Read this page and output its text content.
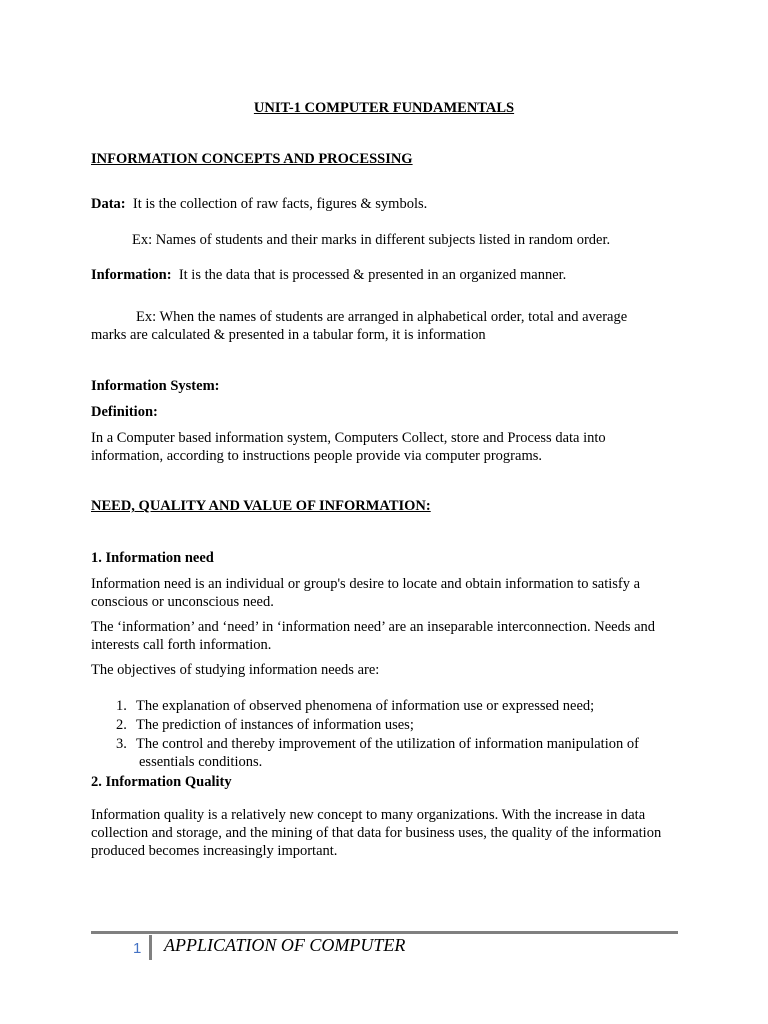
UNIT-1 COMPUTER FUNDAMENTALS
INFORMATION CONCEPTS AND PROCESSING
Data: It is the collection of raw facts, figures & symbols.
Ex: Names of students and their marks in different subjects listed in random order.
Information: It is the data that is processed & presented in an organized manner.
Ex: When the names of students are arranged in alphabetical order, total and average
marks are calculated & presented in a tabular form, it is information
Information System:
Definition:
In a Computer based information system, Computers Collect, store and Process data into information, according to instructions people provide via computer programs.
NEED, QUALITY AND VALUE OF INFORMATION:
1. Information need
Information need is an individual or group's desire to locate and obtain information to satisfy a conscious or unconscious need.
The ‘information’ and ‘need’ in ‘information need’ are an inseparable interconnection. Needs and interests call forth information.
The objectives of studying information needs are:
1. The explanation of observed phenomena of information use or expressed need;
2. The prediction of instances of information uses;
3. The control and thereby improvement of the utilization of information manipulation of
essentials conditions.
2. Information Quality
Information quality is a relatively new concept to many organizations. With the increase in data collection and storage, and the mining of that data for business uses, the quality of the information produced becomes increasingly important.
1 APPLICATION OF COMPUTER
